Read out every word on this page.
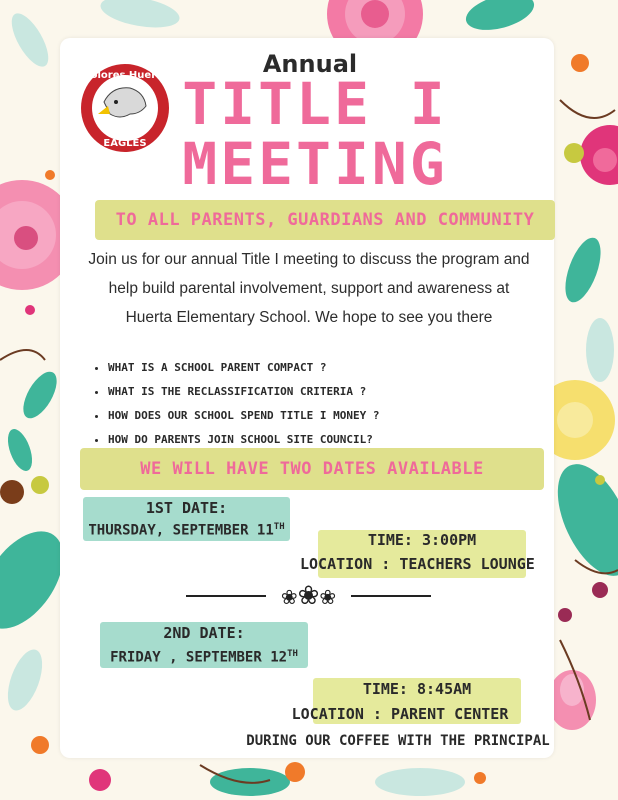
Dolores Huerta
EAGLES
Annual
TITLE I
MEETING
TO ALL PARENTS, GUARDIANS AND COMMUNITY
Join us for our annual Title I meeting to discuss the program and help build parental involvement, support and awareness at Huerta Elementary School. We hope to see you there
• WHAT IS A SCHOOL PARENT COMPACT ?
• WHAT IS THE RECLASSIFICATION CRITERIA ?
• HOW DOES OUR SCHOOL SPEND TITLE I MONEY ?
• HOW DO PARENTS JOIN SCHOOL SITE COUNCIL?
WE WILL HAVE TWO DATES AVAILABLE
1ST DATE:
THURSDAY, SEPTEMBER 11TH
TIME: 3:00PM
LOCATION : TEACHERS LOUNGE
❀❀❀
2ND DATE:
FRIDAY , SEPTEMBER 12TH
TIME: 8:45AM
LOCATION : PARENT CENTER
DURING OUR COFFEE WITH THE PRINCIPAL
